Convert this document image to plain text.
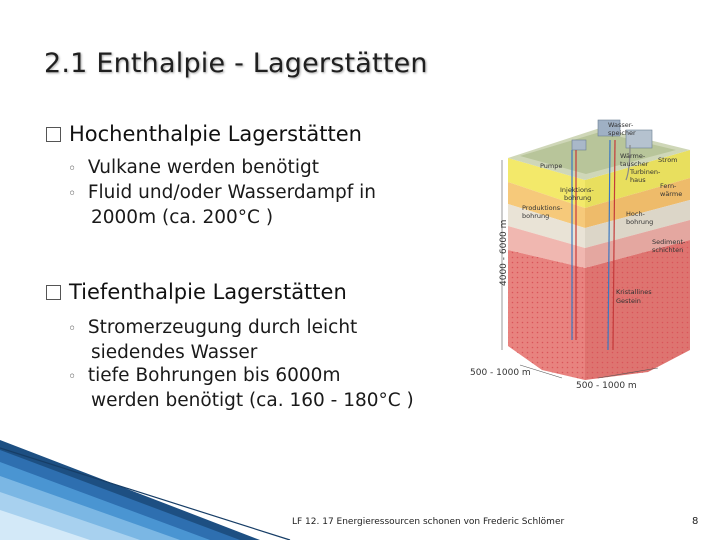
2.1 Enthalpie - Lagerstätten
Hochenthalpie Lagerstätten
◦ Vulkane werden benötigt
◦ Fluid und/oder Wasserdampf in
2000m (ca. 200°C )
Tiefenthalpie Lagerstätten
◦ Stromerzeugung durch leicht
siedendes Wasser
◦ tiefe Bohrungen bis 6000m
werden benötigt (ca. 160 - 180°C )
Wasser-
speicher
Pumpe
Wärme-
tauscher
Turbinen-
haus
Strom
Fern-
wärme
Injektions-
bohrung
Produktions-
bohrung	Hoch-
bohrung
Sediment-
schichten
Kristallines
Gestein
4000 - 6000 m
500 - 1000 m
500 - 1000 m
LF 12. 17 Energieressourcen schonen von Frederic Schlömer	8
